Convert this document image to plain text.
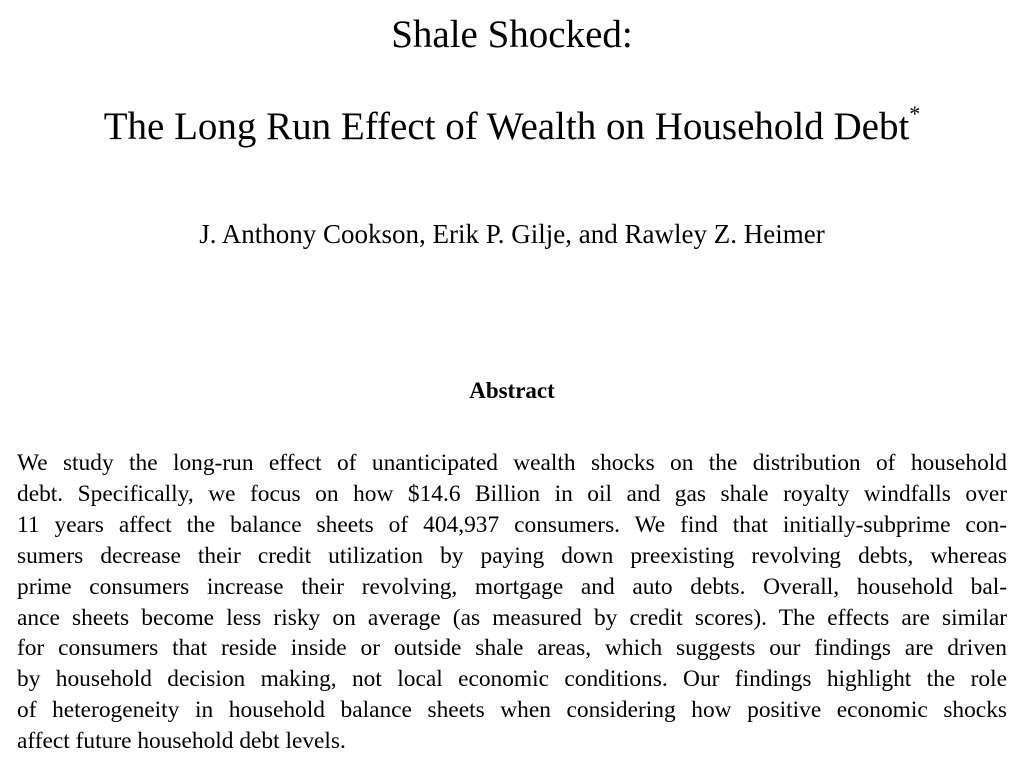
Shale Shocked:
The Long Run Effect of Wealth on Household Debt*
J. Anthony Cookson, Erik P. Gilje, and Rawley Z. Heimer
Abstract
We study the long-run effect of unanticipated wealth shocks on the distribution of household
debt. Specifically, we focus on how $14.6 Billion in oil and gas shale royalty windfalls over
11 years affect the balance sheets of 404,937 consumers. We find that initially-subprime con-
sumers decrease their credit utilization by paying down preexisting revolving debts, whereas
prime consumers increase their revolving, mortgage and auto debts. Overall, household bal-
ance sheets become less risky on average (as measured by credit scores). The effects are similar
for consumers that reside inside or outside shale areas, which suggests our findings are driven
by household decision making, not local economic conditions. Our findings highlight the role
of heterogeneity in household balance sheets when considering how positive economic shocks
affect future household debt levels.
